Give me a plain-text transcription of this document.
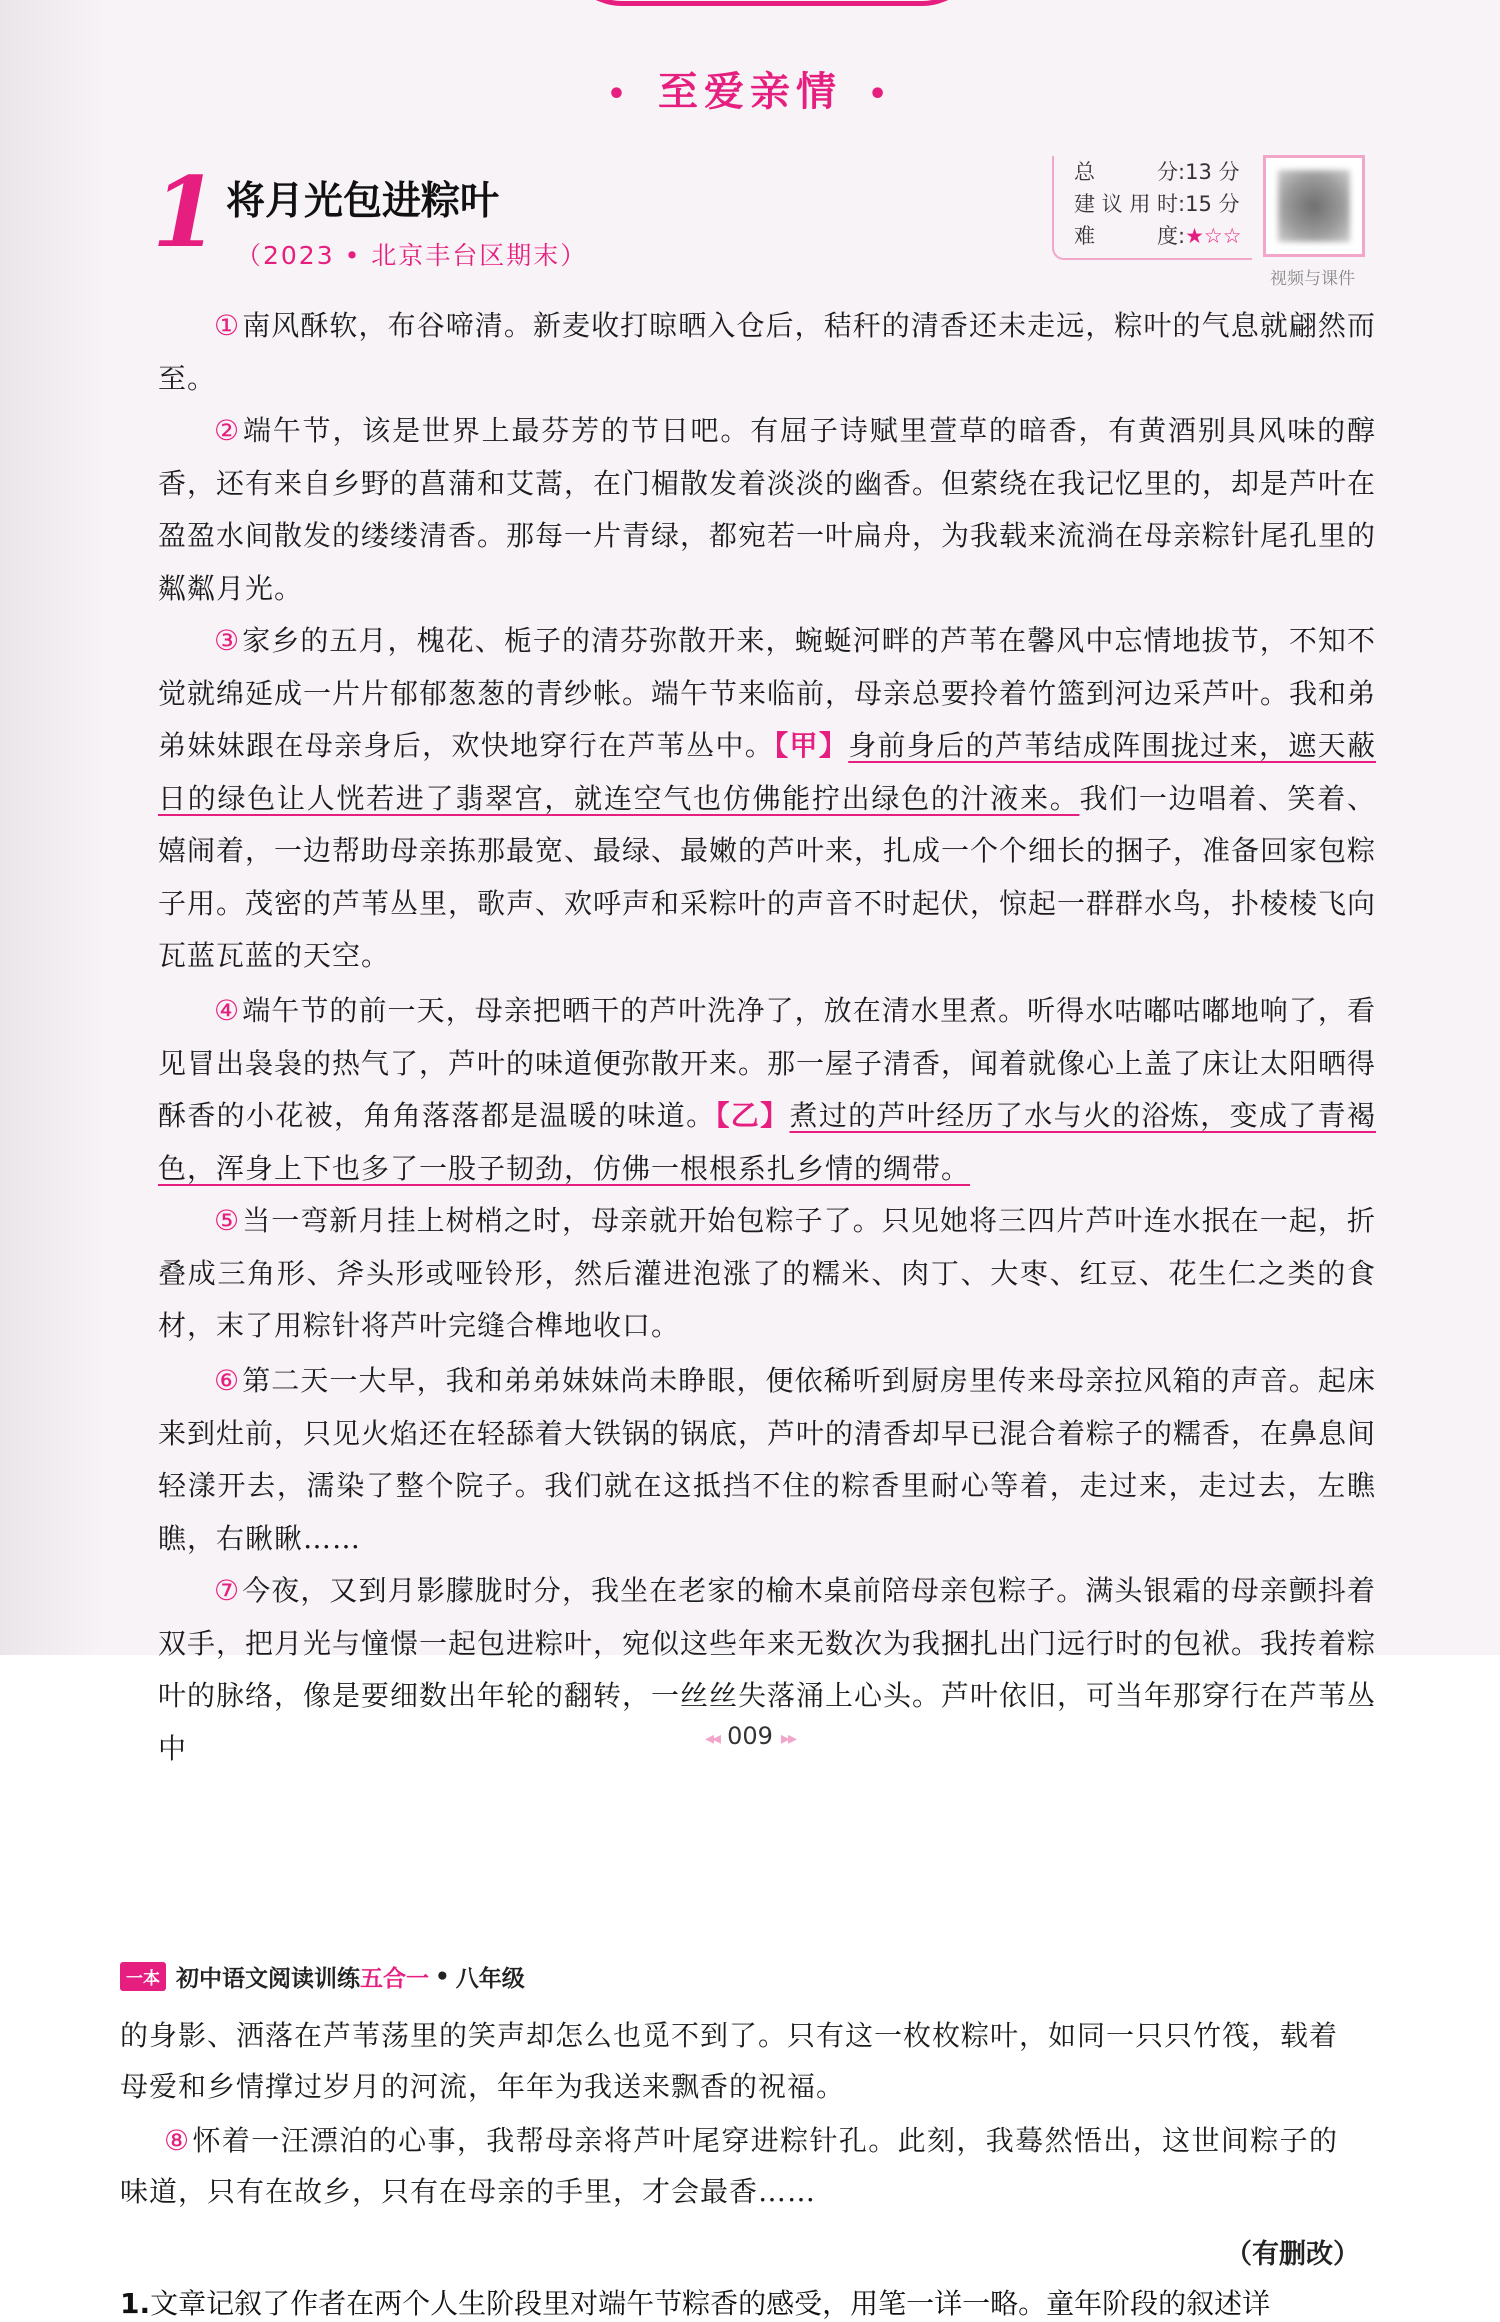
• 至爱亲情 •
1 将月光包进粽叶
（2023 • 北京丰台区期末）
总分:13 分
建议用时:15 分
难度:★☆☆
视频与课件

①南风酥软，布谷啼清。新麦收打晾晒入仓后，秸秆的清香还未走远，粽叶的气息就翩然而至。

②端午节，该是世界上最芬芳的节日吧。有屈子诗赋里萱草的暗香，有黄酒别具风味的醇香，还有来自乡野的菖蒲和艾蒿，在门楣散发着淡淡的幽香。但萦绕在我记忆里的，却是芦叶在盈盈水间散发的缕缕清香。那每一片青绿，都宛若一叶扁舟，为我载来流淌在母亲粽针尾孔里的粼粼月光。

③家乡的五月，槐花、栀子的清芬弥散开来，蜿蜒河畔的芦苇在馨风中忘情地拔节，不知不觉就绵延成一片片郁郁葱葱的青纱帐。端午节来临前，母亲总要拎着竹篮到河边采芦叶。我和弟弟妹妹跟在母亲身后，欢快地穿行在芦苇丛中。【甲】身前身后的芦苇结成阵围拢过来，遮天蔽日的绿色让人恍若进了翡翠宫，就连空气也仿佛能拧出绿色的汁液来。我们一边唱着、笑着、嬉闹着，一边帮助母亲拣那最宽、最绿、最嫩的芦叶来，扎成一个个细长的捆子，准备回家包粽子用。茂密的芦苇丛里，歌声、欢呼声和采粽叶的声音不时起伏，惊起一群群水鸟，扑棱棱飞向瓦蓝瓦蓝的天空。

④端午节的前一天，母亲把晒干的芦叶洗净了，放在清水里煮。听得水咕嘟咕嘟地响了，看见冒出袅袅的热气了，芦叶的味道便弥散开来。那一屋子清香，闻着就像心上盖了床让太阳晒得酥香的小花被，角角落落都是温暖的味道。【乙】煮过的芦叶经历了水与火的浴炼，变成了青褐色，浑身上下也多了一股子韧劲，仿佛一根根系扎乡情的绸带。

⑤当一弯新月挂上树梢之时，母亲就开始包粽子了。只见她将三四片芦叶连水抿在一起，折叠成三角形、斧头形或哑铃形，然后灌进泡涨了的糯米、肉丁、大枣、红豆、花生仁之类的食材，末了用粽针将芦叶完缝合榫地收口。

⑥第二天一大早，我和弟弟妹妹尚未睁眼，便依稀听到厨房里传来母亲拉风箱的声音。起床来到灶前，只见火焰还在轻舔着大铁锅的锅底，芦叶的清香却早已混合着粽子的糯香，在鼻息间轻漾开去，濡染了整个院子。我们就在这抵挡不住的粽香里耐心等着，走过来，走过去，左瞧瞧，右瞅瞅……

⑦今夜，又到月影朦胧时分，我坐在老家的榆木桌前陪母亲包粽子。满头银霜的母亲颤抖着双手，把月光与憧憬一起包进粽叶，宛似这些年来无数次为我捆扎出门远行时的包袱。我抟着粽叶的脉络，像是要细数出年轮的翻转，一丝丝失落涌上心头。芦叶依旧，可当年那穿行在芦苇丛中	◂◂ 009 ▸▸
一本 初中语文阅读训练 五合一 • 八年级

的身影、洒落在芦苇荡里的笑声却怎么也觅不到了。只有这一枚枚粽叶，如同一只只竹筏，载着母爱和乡情撑过岁月的河流，年年为我送来飘香的祝福。

⑧怀着一汪漂泊的心事，我帮母亲将芦叶尾穿进粽针孔。此刻，我蓦然悟出，这世间粽子的味道，只有在故乡，只有在母亲的手里，才会最香……

（有删改）
1.文章记叙了作者在两个人生阶段里对端午节粽香的感受，用笔一详一略。童年阶段的叙述详
